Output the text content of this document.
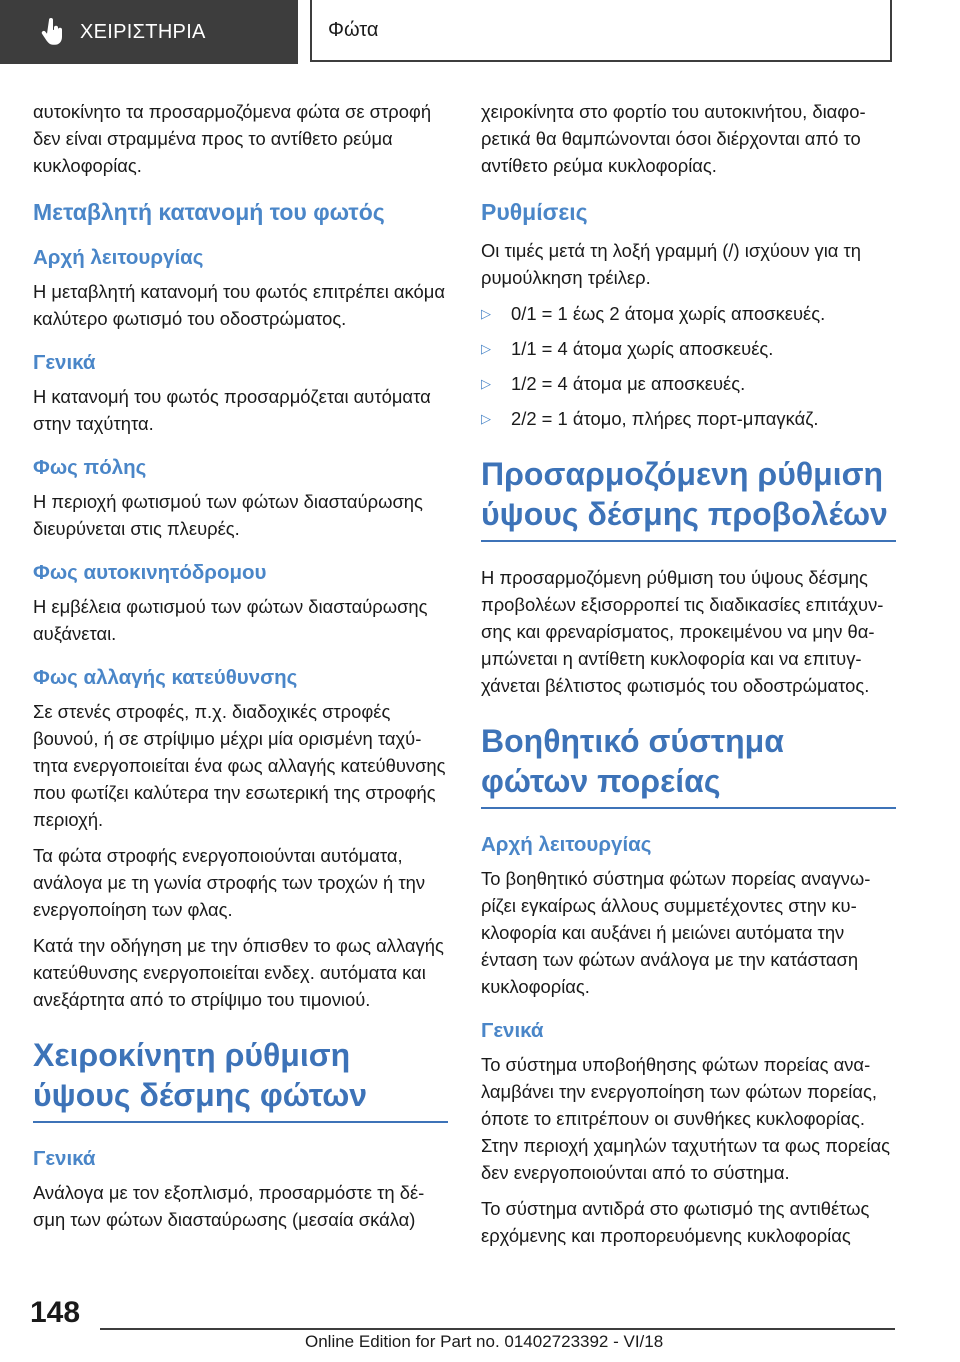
ΧΕΙΡΙΣΤΗΡΙΑ	Φώτα

αυτοκίνητο τα προσαρμοζόμενα φώτα σε στροφή δεν είναι στραμμένα προς το αντίθετο ρεύμα κυκλοφορίας.

Μεταβλητή κατανομή του φωτός
Αρχή λειτουργίας

Η μεταβλητή κατανομή του φωτός επιτρέπει ακόμα καλύτερο φωτισμό του οδοστρώματος.

Γενικά

Η κατανομή του φωτός προσαρμόζεται αυτόματα στην ταχύτητα.

Φως πόλης

Η περιοχή φωτισμού των φώτων διασταύρωσης διευρύνεται στις πλευρές.

Φως αυτοκινητόδρομου

Η εμβέλεια φωτισμού των φώτων διασταύρωσης αυξάνεται.

Φως αλλαγής κατεύθυνσης

Σε στενές στροφές, π.χ. διαδοχικές στροφές βουνού, ή σε στρίψιμο μέχρι μία ορισμένη ταχύτητα ενεργοποιείται ένα φως αλλαγής κατεύθυνσης που φωτίζει καλύτερα την εσωτερική της στροφής περιοχή.

Τα φώτα στροφής ενεργοποιούνται αυτόματα, ανάλογα με τη γωνία στροφής των τροχών ή την ενεργοποίηση των φλας.

Κατά την οδήγηση με την όπισθεν το φως αλλαγής κατεύθυνσης ενεργοποιείται ενδεχ. αυτόματα και ανεξάρτητα από το στρίψιμο του τιμονιού.

Χειροκίνητη ρύθμιση ύψους δέσμης φώτων
Γενικά

Ανάλογα με τον εξοπλισμό, προσαρμόστε τη δέσμη των φώτων διασταύρωσης (μεσαία σκάλα)

χειροκίνητα στο φορτίο του αυτοκινήτου, διαφορετικά θα θαμπώνονται όσοι διέρχονται από το αντίθετο ρεύμα κυκλοφορίας.

Ρυθμίσεις

Οι τιμές μετά τη λοξή γραμμή (/) ισχύουν για τη ρυμούλκηση τρέιλερ.

▷	0/1 = 1 έως 2 άτομα χωρίς αποσκευές.
▷	1/1 = 4 άτομα χωρίς αποσκευές.
▷	1/2 = 4 άτομα με αποσκευές.
▷	2/2 = 1 άτομο, πλήρες πορτ-μπαγκάζ.
Προσαρμοζόμενη ρύθμιση ύψους δέσμης προβολέων

Η προσαρμοζόμενη ρύθμιση του ύψους δέσμης προβολέων εξισορροπεί τις διαδικασίες επιτάχυνσης και φρεναρίσματος, προκειμένου να μην θαμπώνεται η αντίθετη κυκλοφορία και να επιτυγχάνεται βέλτιστος φωτισμός του οδοστρώματος.

Βοηθητικό σύστημα φώτων πορείας
Αρχή λειτουργίας

Το βοηθητικό σύστημα φώτων πορείας αναγνωρίζει εγκαίρως άλλους συμμετέχοντες στην κυκλοφορία και αυξάνει ή μειώνει αυτόματα την ένταση των φώτων ανάλογα με την κατάσταση κυκλοφορίας.

Γενικά

Το σύστημα υποβοήθησης φώτων πορείας αναλαμβάνει την ενεργοποίηση των φώτων πορείας, όποτε το επιτρέπουν οι συνθήκες κυκλοφορίας. Στην περιοχή χαμηλών ταχυτήτων τα φως πορείας δεν ενεργοποιούνται από το σύστημα.

Το σύστημα αντιδρά στο φωτισμό της αντιθέτως ερχόμενης και προπορευόμενης κυκλοφορίας

148
Online Edition for Part no. 01402723392 - VI/18
